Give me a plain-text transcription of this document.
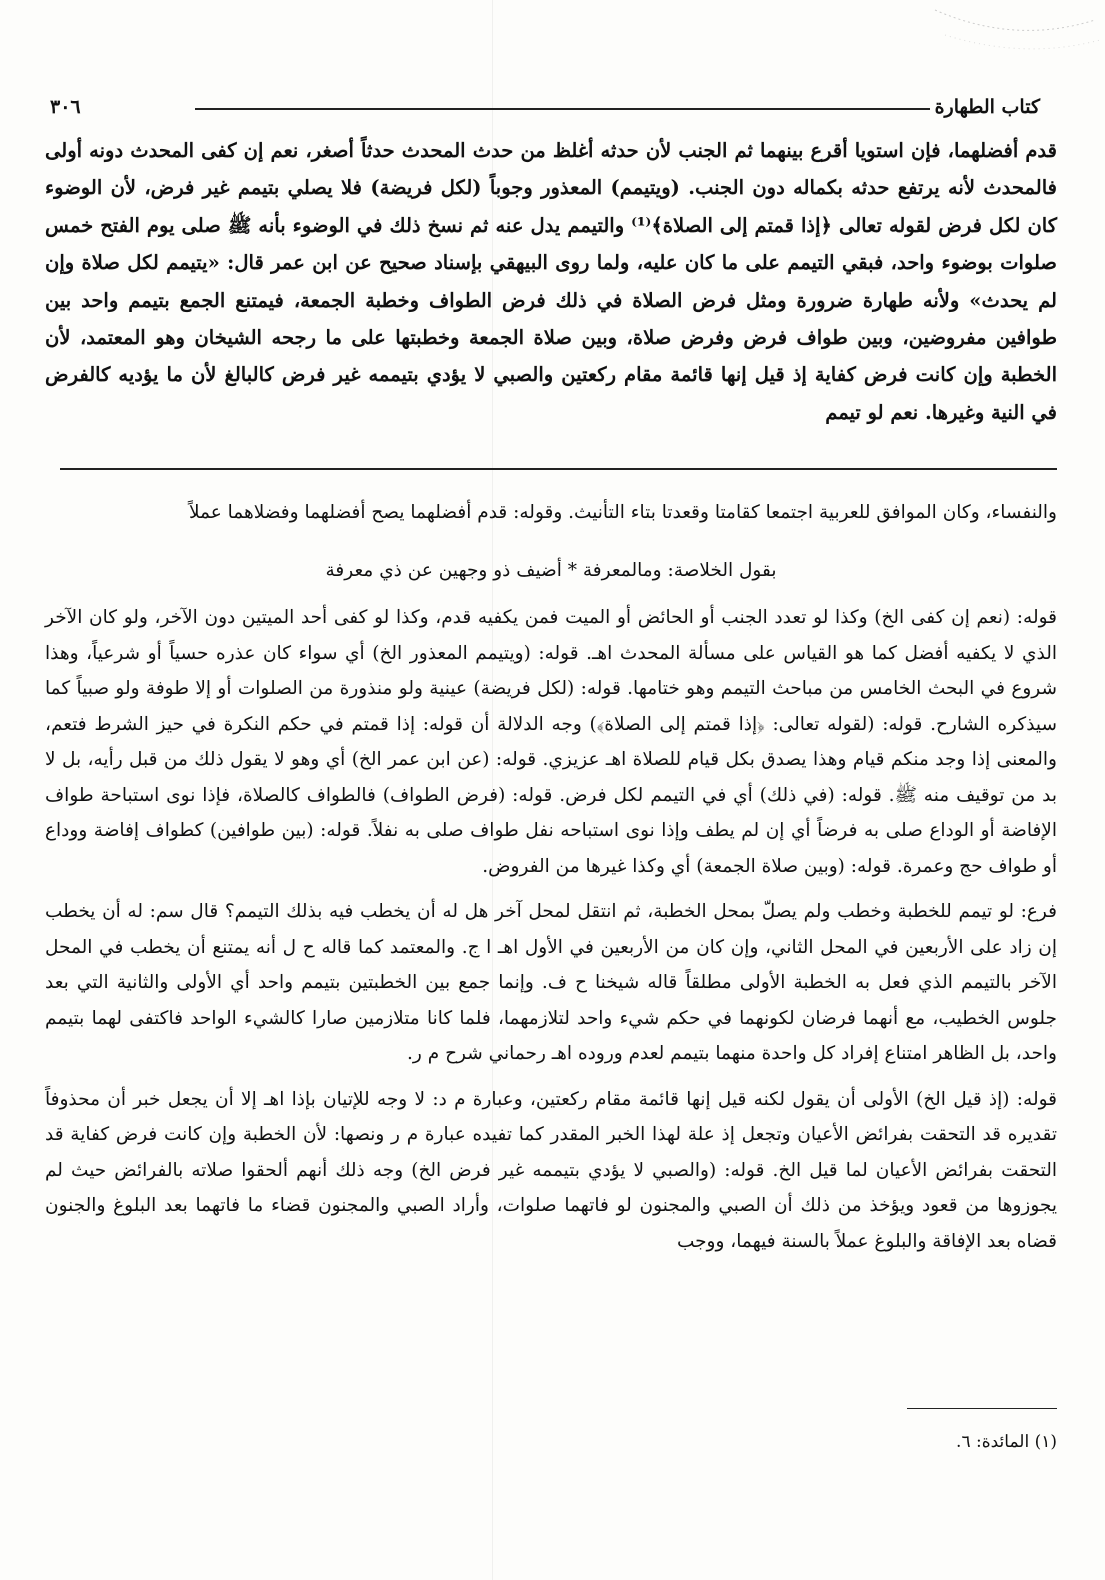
كتاب الطهارة
٣٠٦

قدم أفضلهما، فإن استويا أقرع بينهما ثم الجنب لأن حدثه أغلظ من حدث المحدث حدثاً أصغر، نعم إن كفى المحدث دونه أولى فالمحدث لأنه يرتفع حدثه بكماله دون الجنب. (ويتيمم) المعذور وجوباً (لكل فريضة) فلا يصلي بتيمم غير فرض، لأن الوضوء كان لكل فرض لقوله تعالى ﴿إذا قمتم إلى الصلاة﴾⁽¹⁾ والتيمم يدل عنه ثم نسخ ذلك في الوضوء بأنه ﷺ صلى يوم الفتح خمس صلوات بوضوء واحد، فبقي التيمم على ما كان عليه، ولما روى البيهقي بإسناد صحيح عن ابن عمر قال: «يتيمم لكل صلاة وإن لم يحدث» ولأنه طهارة ضرورة ومثل فرض الصلاة في ذلك فرض الطواف وخطبة الجمعة، فيمتنع الجمع بتيمم واحد بين طوافين مفروضين، وبين طواف فرض وفرض صلاة، وبين صلاة الجمعة وخطبتها على ما رجحه الشيخان وهو المعتمد، لأن الخطبة وإن كانت فرض كفاية إذ قيل إنها قائمة مقام ركعتين والصبي لا يؤدي بتيممه غير فرض كالبالغ لأن ما يؤديه كالفرض في النية وغيرها. نعم لو تيمم

والنفساء، وكان الموافق للعربية اجتمعا كقامتا وقعدتا بتاء التأنيث. وقوله: قدم أفضلهما يصح أفضلهما وفضلاهما عملاً

بقول الخلاصة: ومالمعرفة * أضيف ذو وجهين عن ذي معرفة

قوله: (نعم إن كفى الخ) وكذا لو تعدد الجنب أو الحائض أو الميت فمن يكفيه قدم، وكذا لو كفى أحد الميتين دون الآخر، ولو كان الآخر الذي لا يكفيه أفضل كما هو القياس على مسألة المحدث اهـ. قوله: (ويتيمم المعذور الخ) أي سواء كان عذره حسياً أو شرعياً، وهذا شروع في البحث الخامس من مباحث التيمم وهو ختامها. قوله: (لكل فريضة) عينية ولو منذورة من الصلوات أو إلا طوفة ولو صبياً كما سيذكره الشارح. قوله: (لقوله تعالى: ﴿إذا قمتم إلى الصلاة﴾) وجه الدلالة أن قوله: إذا قمتم في حكم النكرة في حيز الشرط فتعم، والمعنى إذا وجد منكم قيام وهذا يصدق بكل قيام للصلاة اهـ عزيزي. قوله: (عن ابن عمر الخ) أي وهو لا يقول ذلك من قبل رأيه، بل لا بد من توقيف منه ﷺ. قوله: (في ذلك) أي في التيمم لكل فرض. قوله: (فرض الطواف) فالطواف كالصلاة، فإذا نوى استباحة طواف الإفاضة أو الوداع صلى به فرضاً أي إن لم يطف وإذا نوى استباحه نفل طواف صلى به نفلاً. قوله: (بين طوافين) كطواف إفاضة ووداع أو طواف حج وعمرة. قوله: (وبين صلاة الجمعة) أي وكذا غيرها من الفروض.

فرع: لو تيمم للخطبة وخطب ولم يصلّ بمحل الخطبة، ثم انتقل لمحل آخر هل له أن يخطب فيه بذلك التيمم؟ قال سم: له أن يخطب إن زاد على الأربعين في المحل الثاني، وإن كان من الأربعين في الأول اهـ ا ج. والمعتمد كما قاله ح ل أنه يمتنع أن يخطب في المحل الآخر بالتيمم الذي فعل به الخطبة الأولى مطلقاً قاله شيخنا ح ف. وإنما جمع بين الخطبتين بتيمم واحد أي الأولى والثانية التي بعد جلوس الخطيب، مع أنهما فرضان لكونهما في حكم شيء واحد لتلازمهما، فلما كانا متلازمين صارا كالشيء الواحد فاكتفى لهما بتيمم واحد، بل الظاهر امتناع إفراد كل واحدة منهما بتيمم لعدم وروده اهـ رحماني شرح م ر.

قوله: (إذ قيل الخ) الأولى أن يقول لكنه قيل إنها قائمة مقام ركعتين، وعبارة م د: لا وجه للإتيان بإذا اهـ إلا أن يجعل خبر أن محذوفاً تقديره قد التحقت بفرائض الأعيان وتجعل إذ علة لهذا الخبر المقدر كما تفيده عبارة م ر ونصها: لأن الخطبة وإن كانت فرض كفاية قد التحقت بفرائض الأعيان لما قيل الخ. قوله: (والصبي لا يؤدي بتيممه غير فرض الخ) وجه ذلك أنهم ألحقوا صلاته بالفرائض حيث لم يجوزوها من قعود ويؤخذ من ذلك أن الصبي والمجنون لو فاتهما صلوات، وأراد الصبي والمجنون قضاء ما فاتهما بعد البلوغ والجنون قضاه بعد الإفاقة والبلوغ عملاً بالسنة فيهما، ووجب

(١) المائدة: ٦.
